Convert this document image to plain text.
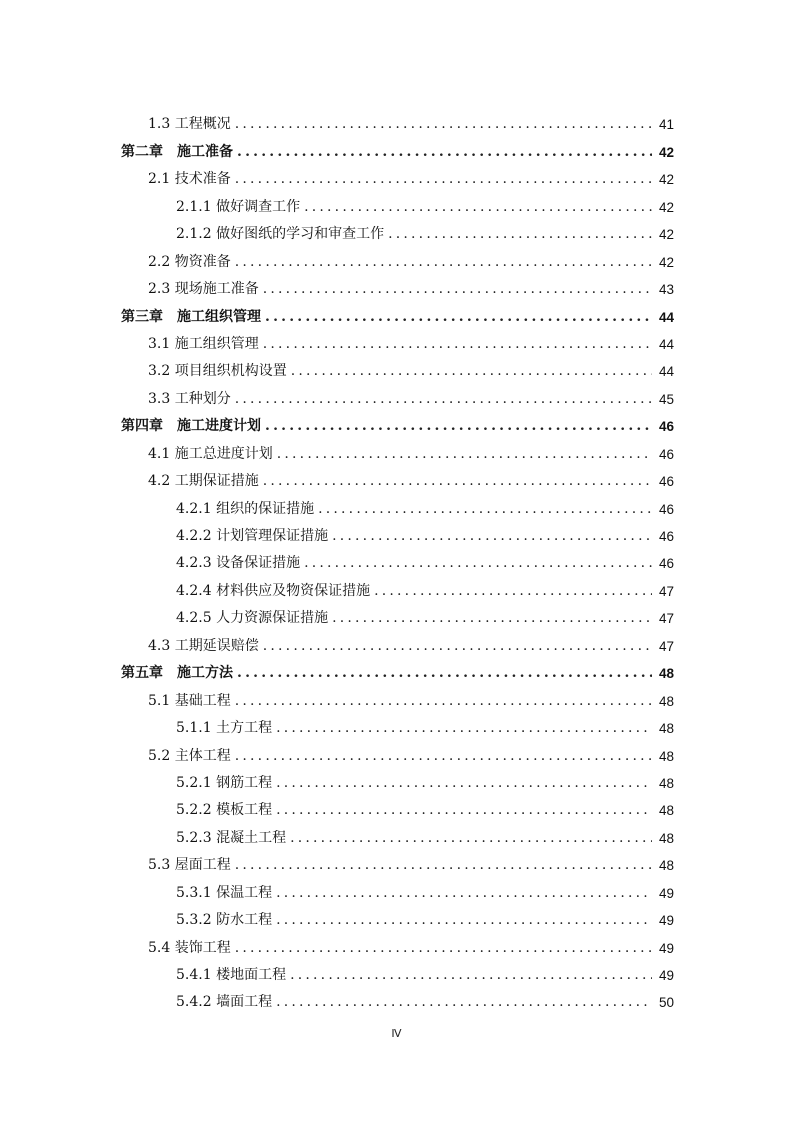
1.3 工程概况 .....	41
第二章　施工准备 .....	42
2.1 技术准备 .....	42
2.1.1 做好调查工作 .....	42
2.1.2 做好图纸的学习和审查工作 .....	42
2.2 物资准备 .....	42
2.3 现场施工准备 .....	43
第三章　施工组织管理 .....	44
3.1 施工组织管理 .....	44
3.2 项目组织机构设置 .....	44
3.3 工种划分 .....	45
第四章　施工进度计划 .....	46
4.1 施工总进度计划 .....	46
4.2 工期保证措施 .....	46
4.2.1 组织的保证措施 .....	46
4.2.2 计划管理保证措施 .....	46
4.2.3 设备保证措施 .....	46
4.2.4 材料供应及物资保证措施 .....	47
4.2.5 人力资源保证措施 .....	47
4.3 工期延误赔偿 .....	47
第五章　施工方法 .....	48
5.1 基础工程 .....	48
5.1.1 土方工程 .....	48
5.2 主体工程 .....	48
5.2.1 钢筋工程 .....	48
5.2.2 模板工程 .....	48
5.2.3 混凝土工程 .....	48
5.3 屋面工程 .....	48
5.3.1 保温工程 .....	49
5.3.2 防水工程 .....	49
5.4 装饰工程 .....	49
5.4.1 楼地面工程 .....	49
5.4.2 墙面工程 .....	50
Ⅳ
